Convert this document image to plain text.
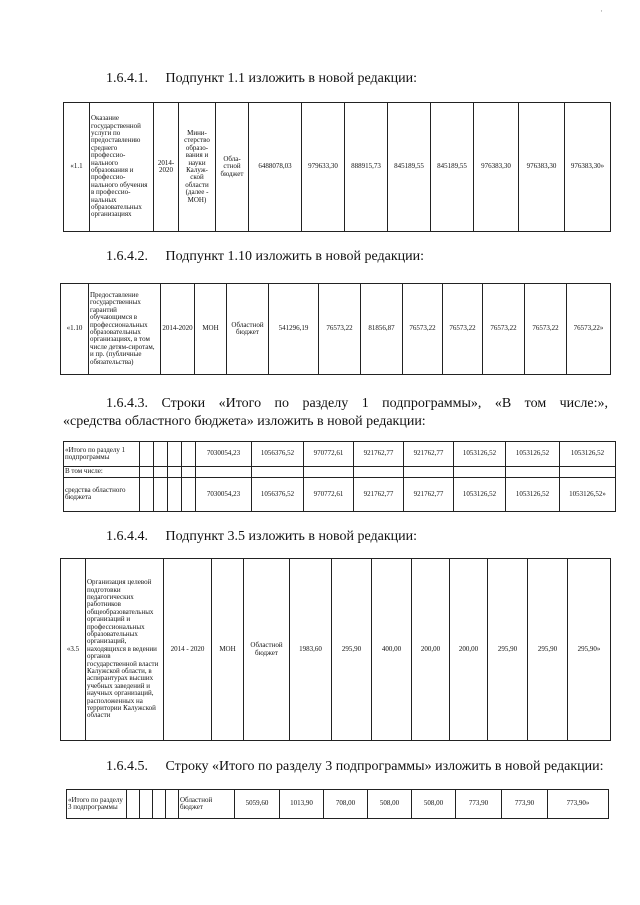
·
1.6.4.1. Подпункт 1.1 изложить в новой редакции:
«1.1	Оказание государственной услуги по предоставлению среднего профессио-нального образования и профессио-нального обучения в профессио-нальных образовательных организациях	2014-2020	Мини-стерство образо-вания и науки Калуж-ской области (далее - МОН)	Обла-стной бюджет	6488078,03	979633,30	888915,73	845189,55	845189,55	976383,30	976383,30	976383,30»
1.6.4.2. Подпункт 1.10 изложить в новой редакции:
«1.10	Предоставление государственных гарантий обучающимся в профессиональных образовательных организациях, в том числе детям-сиротам, и пр. (публичные обязательства)	2014-2020	МОН	Областной бюджет	541296,19	76573,22	81856,87	76573,22	76573,22	76573,22	76573,22	76573,22»
1.6.4.3. Строки «Итого по разделу 1 подпрограммы», «В том числе:»,
«средства областного бюджета» изложить в новой редакции:
«Итого по разделу 1 подпрограммы					7030054,23	1056376,52	970772,61	921762,77	921762,77	1053126,52	1053126,52	1053126,52
В том числе:												
средства областного бюджета					7030054,23	1056376,52	970772,61	921762,77	921762,77	1053126,52	1053126,52	1053126,52»
1.6.4.4. Подпункт 3.5 изложить в новой редакции:
«3.5	Организация целевой подготовки педагогических работников общеобразовательных организаций и профессиональных образовательных организаций, находящихся в ведении органов государственной власти Калужской области, в аспирантурах высших учебных заведений и научных организаций, расположенных на территории Калужской области	2014 - 2020	МОН	Областной бюджет	1983,60	295,90	400,00	200,00	200,00	295,90	295,90	295,90»
1.6.4.5. Строку «Итого по разделу 3 подпрограммы» изложить в новой редакции:
«Итого по разделу 3 подпрограммы					Областной бюджет	5059,60	1013,90	708,00	508,00	508,00	773,90	773,90	773,90»
